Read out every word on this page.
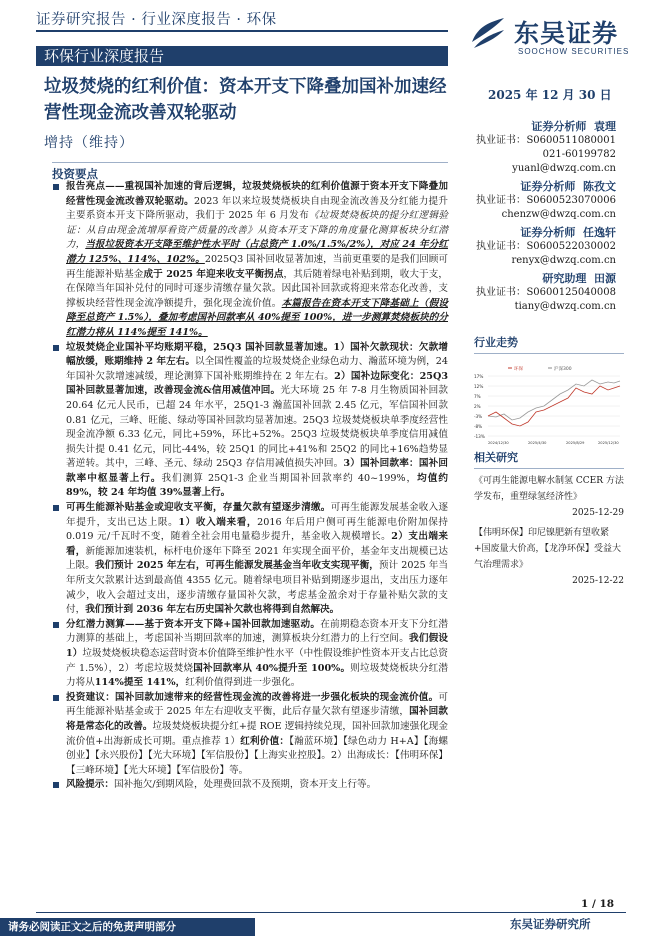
证券研究报告 · 行业深度报告 · 环保
环保行业深度报告
东吴证券
SOOCHOW SECURITIES
垃圾焚烧的红利价值：资本开支下降叠加国补加速经营性现金流改善双轮驱动
2025 年 12 月 30 日
增持（维持）
证券分析师 袁理
执业证书： S0600511080001
021-60199782
yuanl@dwzq.com.cn
证券分析师 陈孜文
执业证书： S0600523070006
chenzw@dwzq.com.cn
证券分析师 任逸轩
执业证书： S0600522030002
renyx@dwzq.com.cn
研究助理 田源
执业证书： S0600125040008
tiany@dwzq.com.cn
行业走势
环保	沪深300
17%
12%
7%
2%
-3%
-8%
-13%
2024/12/30	2025/4/30	2025/8/29	2025/12/30
相关研究
《可再生能源电解水制氢 CCER 方法学发布，重塑绿氢经济性》
2025-12-29
【伟明环保】印尼镍肥新有望收紧+国废量大价高，【龙净环保】受益大气治理需求》
2025-12-22
投资要点

报告亮点——重视国补加速的背后逻辑，垃圾焚烧板块的红利价值源于资本开支下降叠加经营性现金流改善双轮驱动。2023 年以来垃圾焚烧板块自由现金流改善及分红能力提升主要系资本开支下降所驱动，我们于 2025 年 6 月发布《垃圾焚烧板块的提分红逻辑验证：从自由现金流增厚看资产质量的改善》从资本开支下降的角度量化测算板块分红潜力，当报垃圾资本开支降至维护性水平时（占总资产 1.0%/1.5%/2%），对应 24 年分红潜力 125%、114%、102%。2025Q3 国补回收显著加速，当前更重要的是我们回顾可再生能源补贴基金成于 2025 年迎来收支平衡拐点，其后随着绿电补贴到期，收大于支，在保障当年国补兑付的同时可逐步清缴存量欠款。因此国补回款或将迎来常态化改善，支撑板块经营性现金流净额提升，强化现金流价值。本篇报告在资本开支下降基础上（假设降至总资产 1.5%），叠加考虑国补回款率从 40%提至 100%，进一步测算焚烧板块的分红潜力将从 114%提至 141%。

垃圾焚烧企业国补平均账期平稳，25Q3 国补回款显著加速。1）国补欠款现状：欠款增幅放缓，账期维持 2 年左右。以全国性覆盖的垃圾焚烧企业绿色动力、瀚蓝环境为例，24 年国补欠款增速减缓，理论测算下国补账期维持在 2 年左右。2）国补边际变化：25Q3 国补回款显著加速，改善现金流&信用减值冲回。光大环境 25 年 7-8 月生物质国补回款 20.64 亿元人民币，已超 24 年水平，25Q1-3 瀚蓝国补回款 2.45 亿元，军信国补回款 0.81 亿元，三峰、旺能、绿动等国补回款均显著加速。25Q3 垃圾焚烧板块单季度经营性现金流净额 6.33 亿元，同比+59%，环比+52%。25Q3 垃圾焚烧板块单季度信用减值损失计提 0.41 亿元，同比-44%，较 25Q1 的同比+41%和 25Q2 的同比+16%趋势显著逆转。其中，三峰、圣元、绿动 25Q3 存信用减值损失冲回。3）国补回款率：国补回款率中枢显著上行。我们测算 25Q1-3 企业当期国补回款率约 40~199%，均值约 89%，较 24 年均值 39%显著上行。

可再生能源补贴基金或迎收支平衡，存量欠款有望逐步清缴。可再生能源发展基金收入逐年提升，支出已达上限。1）收入端来看，2016 年后用户侧可再生能源电价附加保持 0.019 元/千瓦时不变，随着全社会用电量稳步提升，基金收入规模增长。2）支出端来看，新能源加速装机，标杆电价逐年下降至 2021 年实现全面平价，基金年支出规模已达上限。我们预计 2025 年左右，可再生能源发展基金当年收支实现平衡，预计 2025 年当年所支欠款累计达到最高值 4355 亿元。随着绿电项目补贴到期逐步退出，支出压力逐年减少，收入会超过支出，逐步清缴存量国补欠款，考虑基金盈余对于存量补贴欠款的支付，我们预计到 2036 年左右历史国补欠款也将得到自然解决。

分红潜力测算——基于资本开支下降+国补回款加速驱动。在前期稳态资本开支下分红潜力测算的基础上，考虑国补当期回款率的加速，测算板块分红潜力的上行空间。我们假设 1）垃圾焚烧板块稳态运营时资本价值降至维护性水平（中性假设维护性资本开支占比总资产 1.5%），2）考虑垃圾焚烧国补回款率从 40%提升至 100%。则垃圾焚烧板块分红潜力将从114%提至 141%，红利价值得到进一步强化。

投资建议：国补回款加速带来的经营性现金流的改善将进一步强化板块的现金流价值。可再生能源补贴基金或于 2025 年左右迎收支平衡，此后存量欠款有望逐步清缴，国补回款将是常态化的改善。垃圾焚烧板块提分红+提 ROE 逻辑持续兑现，国补回款加速强化现金流价值+出海新成长可期。重点推荐 1）红利价值：【瀚蓝环境】【绿色动力 H+A】【海螺创业】【永兴股份】【光大环境】【军信股份】【上海实业控股】。2）出海成长：【伟明环保】【三峰环境】【光大环境】【军信股份】等。

风险提示：国补拖欠/到期风险，处理费回款不及预期，资本开支上行等。

1 / 18
请务必阅读正文之后的免责声明部分	东吴证券研究所
